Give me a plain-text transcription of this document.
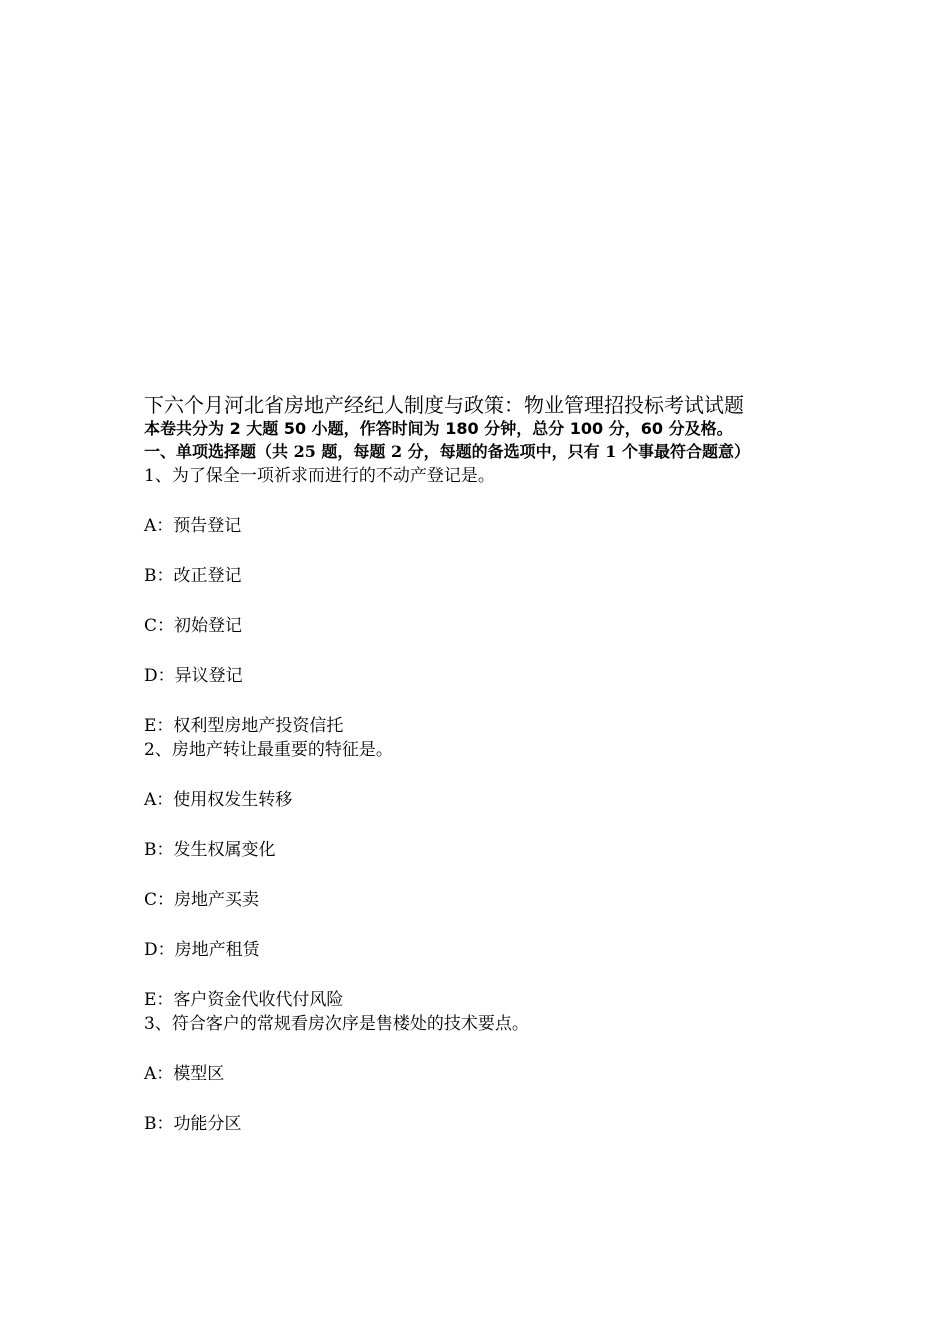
下六个月河北省房地产经纪人制度与政策：物业管理招投标考试试题

本卷共分为 2 大题 50 小题，作答时间为 180 分钟，总分 100 分，60 分及格。

一、单项选择题（共 25 题，每题 2 分，每题的备选项中，只有 1 个事最符合题意）

1、为了保全一项祈求而进行的不动产登记是。

A：预告登记

B：改正登记

C：初始登记

D：异议登记

E：权利型房地产投资信托

2、房地产转让最重要的特征是。

A：使用权发生转移

B：发生权属变化

C：房地产买卖

D：房地产租赁

E：客户资金代收代付风险

3、符合客户的常规看房次序是售楼处的技术要点。

A：模型区

B：功能分区
